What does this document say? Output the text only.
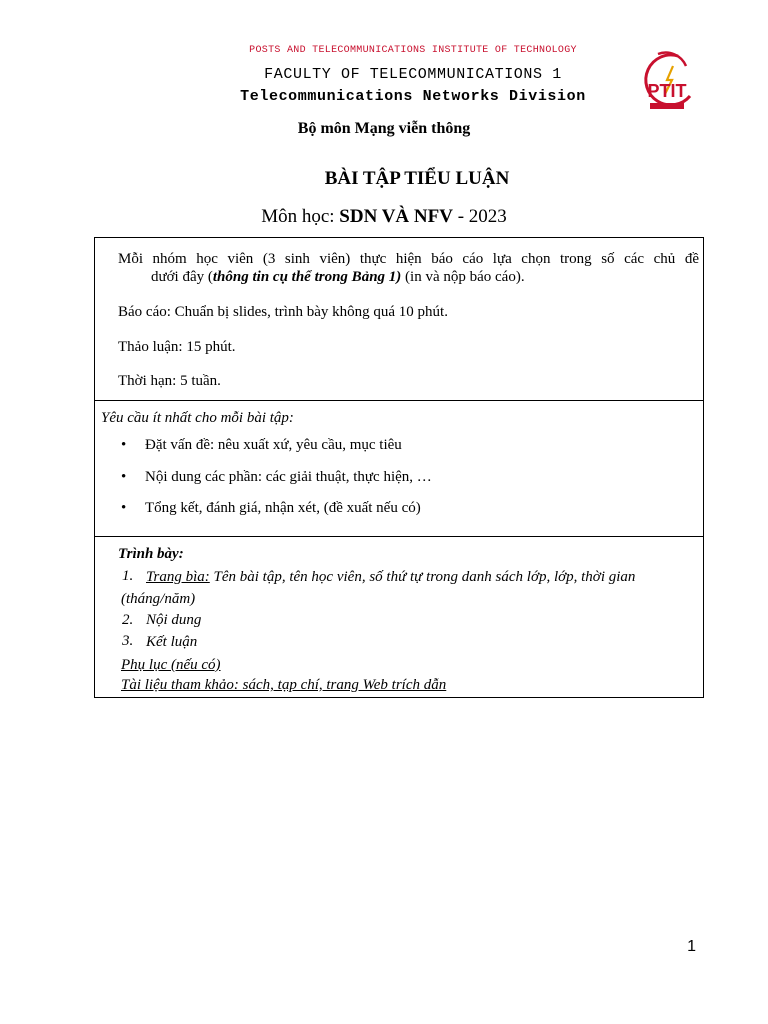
POSTS AND TELECOMMUNICATIONS INSTITUTE OF TECHNOLOGY
FACULTY OF TELECOMMUNICATIONS 1
Telecommunications Networks Division	PTIT
Bộ môn Mạng viễn thông
BÀI TẬP TIỂU LUẬN
Môn học: SDN VÀ NFV - 2023
Mỗi nhóm học viên (3 sinh viên) thực hiện báo cáo lựa chọn trong số các chủ đề
dưới đây (thông tin cụ thể trong Bảng 1) (in và nộp báo cáo).
Báo cáo: Chuẩn bị slides, trình bày không quá 10 phút.
Thảo luận: 15 phút.
Thời hạn: 5 tuần.
Yêu cầu ít nhất cho mỗi bài tập:
• Đặt vấn đề: nêu xuất xứ, yêu cầu, mục tiêu
• Nội dung các phần: các giải thuật, thực hiện, …
• Tổng kết, đánh giá, nhận xét, (đề xuất nếu có)
Trình bày:
1. Trang bìa: Tên bài tập, tên học viên, số thứ tự trong danh sách lớp, lớp, thời gian
(tháng/năm)
2. Nội dung
3. Kết luận
Phụ lục (nếu có)
Tài liệu tham khảo: sách, tạp chí, trang Web trích dẫn
1
